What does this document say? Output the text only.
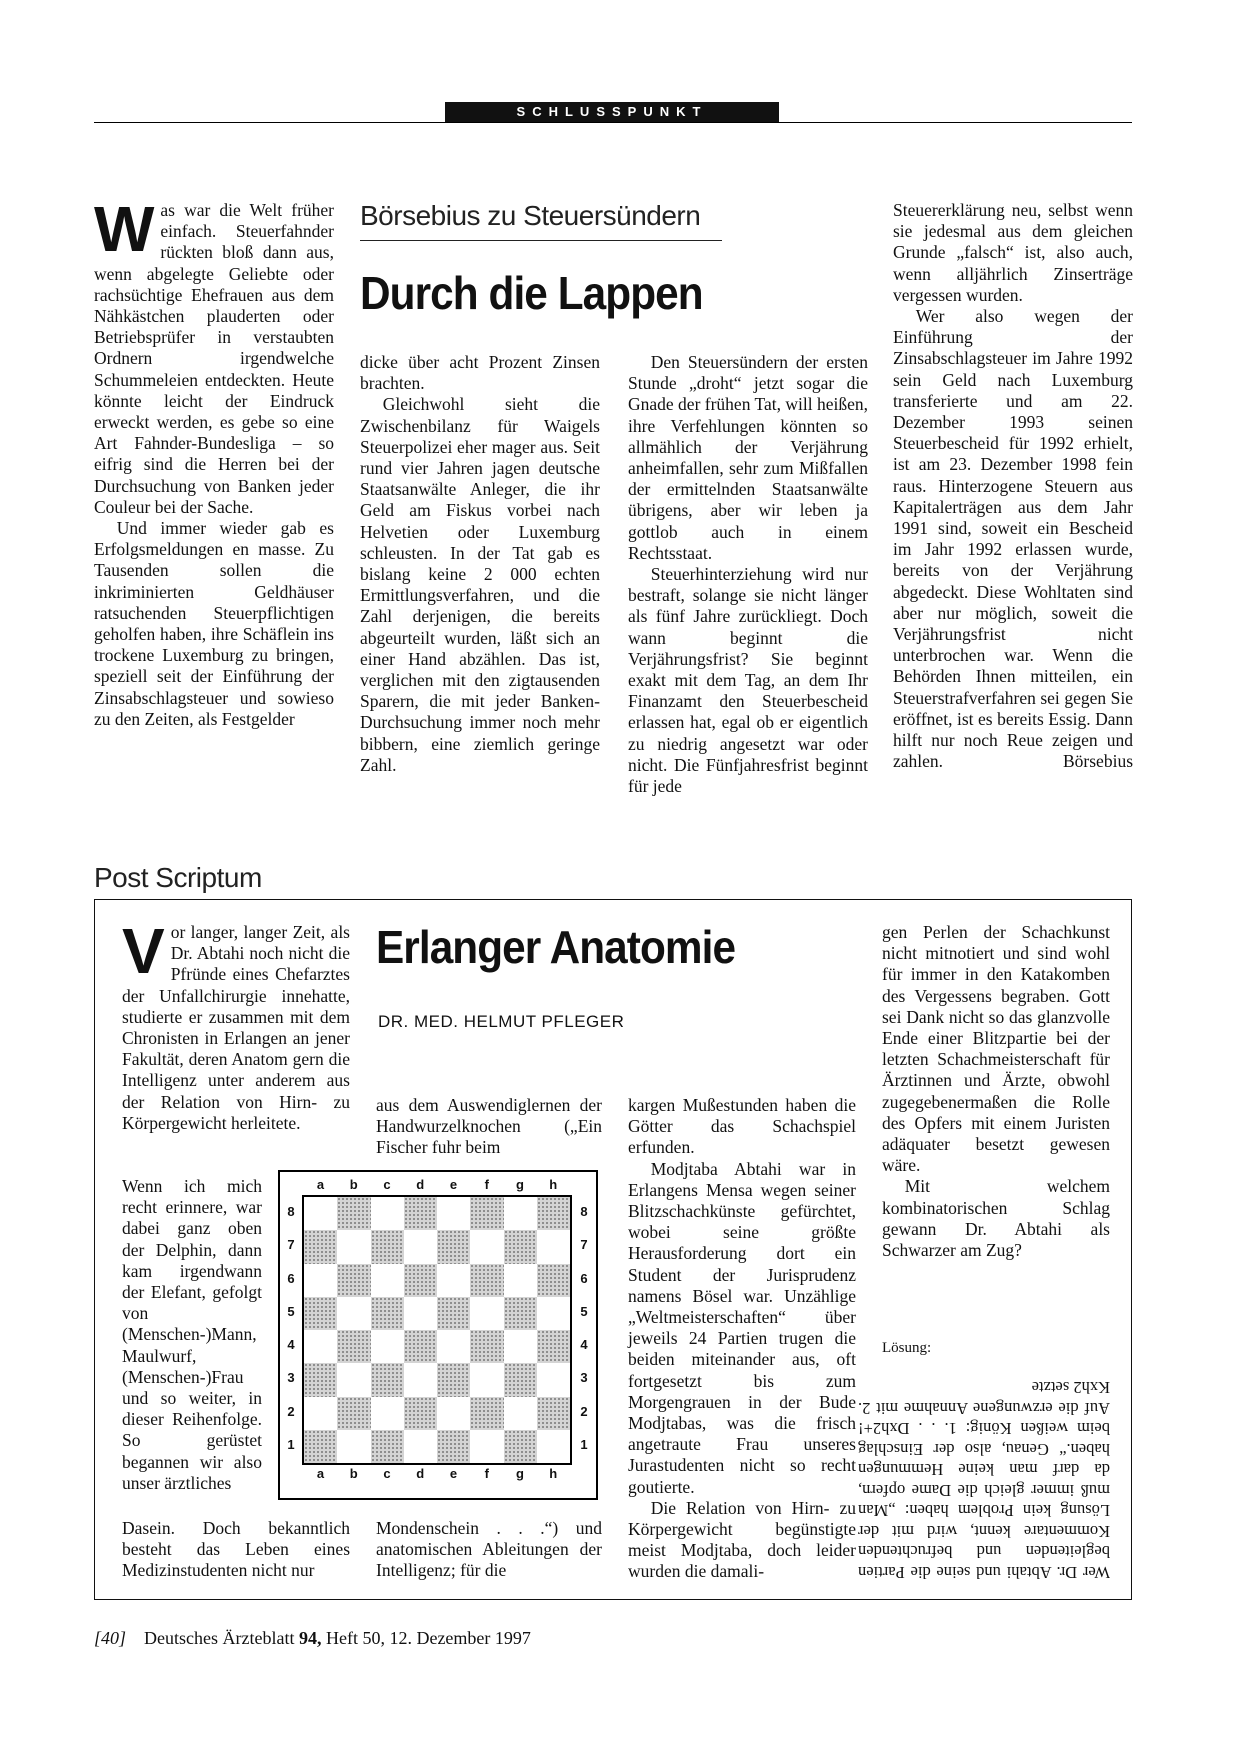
SCHLUSSPUNKT
W as war die Welt früher einfach. Steuerfahnder rückten bloß dann aus, wenn abgelegte Geliebte oder rachsüchtige Ehefrauen aus dem Nähkästchen plauderten oder Betriebsprüfer in verstaubten Ordnern irgendwelche Schummeleien entdeckten. Heute könnte leicht der Eindruck erweckt werden, es gebe so eine Art Fahnder-Bundesliga – so eifrig sind die Herren bei der Durchsuchung von Banken jeder Couleur bei der Sache.

Und immer wieder gab es Erfolgsmeldungen en masse. Zu Tausenden sollen die inkriminierten Geldhäuser ratsuchenden Steuerpflichtigen geholfen haben, ihre Schäflein ins trockene Luxemburg zu bringen, speziell seit der Einführung der Zinsabschlagsteuer und sowieso zu den Zeiten, als Festgelder

Börsebius zu Steuersündern
Durch die Lappen

dicke über acht Prozent Zinsen brachten.

Gleichwohl sieht die Zwischenbilanz für Waigels Steuerpolizei eher mager aus. Seit rund vier Jahren jagen deutsche Staatsanwälte Anleger, die ihr Geld am Fiskus vorbei nach Helvetien oder Luxemburg schleusten. In der Tat gab es bislang keine 2 000 echten Ermittlungsverfahren, und die Zahl derjenigen, die bereits abgeurteilt wurden, läßt sich an einer Hand abzählen. Das ist, verglichen mit den zigtausenden Sparern, die mit jeder Banken-Durchsuchung immer noch mehr bibbern, eine ziemlich geringe Zahl.

Den Steuersündern der ersten Stunde „droht“ jetzt sogar die Gnade der frühen Tat, will heißen, ihre Verfehlungen könnten so allmählich der Verjährung anheimfallen, sehr zum Mißfallen der ermittelnden Staatsanwälte übrigens, aber wir leben ja gottlob auch in einem Rechtsstaat.

Steuerhinterziehung wird nur bestraft, solange sie nicht länger als fünf Jahre zurückliegt. Doch wann beginnt die Verjährungsfrist? Sie beginnt exakt mit dem Tag, an dem Ihr Finanzamt den Steuerbescheid erlassen hat, egal ob er eigentlich zu niedrig angesetzt war oder nicht. Die Fünfjahresfrist beginnt für jede

Steuererklärung neu, selbst wenn sie jedesmal aus dem gleichen Grunde „falsch“ ist, also auch, wenn alljährlich Zinserträge vergessen wurden.

Wer also wegen der Einführung der Zinsabschlagsteuer im Jahre 1992 sein Geld nach Luxemburg transferierte und am 22. Dezember 1993 seinen Steuerbescheid für 1992 erhielt, ist am 23. Dezember 1998 fein raus. Hinterzogene Steuern aus Kapitalerträgen aus dem Jahr 1991 sind, soweit ein Bescheid im Jahr 1992 erlassen wurde, bereits von der Verjährung abgedeckt. Diese Wohltaten sind aber nur möglich, soweit die Verjährungsfrist nicht unterbrochen war. Wenn die Behörden Ihnen mitteilen, ein Steuerstrafverfahren sei gegen Sie eröffnet, ist es bereits Essig. Dann hilft nur noch Reue zeigen und zahlen.	Börsebius
Post Scriptum
V or langer, langer Zeit, als Dr. Abtahi noch nicht die Pfründe eines Chefarztes der Unfallchirurgie innehatte, studierte er zusammen mit dem Chronisten in Erlangen an jener Fakultät, deren Anatom gern die Intelligenz unter anderem aus der Relation von Hirn- zu Körpergewicht herleitete.

Wenn ich mich recht erinnere, war dabei ganz oben der Delphin, dann kam irgendwann der Elefant, gefolgt von (Menschen-)Mann, Maulwurf, (Menschen-)Frau und so weiter, in dieser Reihenfolge. So gerüstet begannen wir also unser ärztliches

Dasein. Doch bekanntlich besteht das Leben eines Medizinstudenten nicht nur

Erlanger Anatomie
DR. MED. HELMUT PFLEGER

aus dem Auswendiglernen der Handwurzelknochen („Ein Fischer fuhr beim

Mondenschein . . .“) und anatomischen Ableitungen der Intelligenz; für die

kargen Mußestunden haben die Götter das Schachspiel erfunden.

Modjtaba Abtahi war in Erlangens Mensa wegen seiner Blitzschachkünste gefürchtet, wobei seine größte Herausforderung dort ein Student der Jurisprudenz namens Bösel war. Unzählige „Weltmeisterschaften“ über jeweils 24 Partien trugen die beiden miteinander aus, oft fortgesetzt bis zum Morgengrauen in der Bude Modjtabas, was die frisch angetraute Frau unseres Jurastudenten nicht so recht goutierte.

Die Relation von Hirn- zu Körpergewicht begünstigte meist Modjtaba, doch leider wurden die damali-

gen Perlen der Schachkunst nicht mitnotiert und sind wohl für immer in den Katakomben des Vergessens begraben. Gott sei Dank nicht so das glanzvolle Ende einer Blitzpartie bei der letzten Schachmeisterschaft für Ärztinnen und Ärzte, obwohl zugegebenermaßen die Rolle des Opfers mit einem Juristen adäquater besetzt gewesen wäre.

Mit welchem kombinatorischen Schlag gewann Dr. Abtahi als Schwarzer am Zug?

Lösung:
Wer Dr. Abtahi und seine die Partien begleitenden und befruchtenden Kommentare kennt, wird mit der Lösung kein Problem haben: „Man muß immer gleich die Dame opfern, da darf man keine Hemmungen haben.“ Genau, also der Einschlag beim weißen König: 1. . . Dxh2+! Auf die erzwungene Annahme mit 2. Kxh2 setzte
a
a
b
b
c
c
d
d
e
e
f
f
g
g
h
h
8	8
7	7
6	6
5	5
4	4
3	3
2	2
1	1
[40] Deutsches Ärzteblatt 94, Heft 50, 12. Dezember 1997
